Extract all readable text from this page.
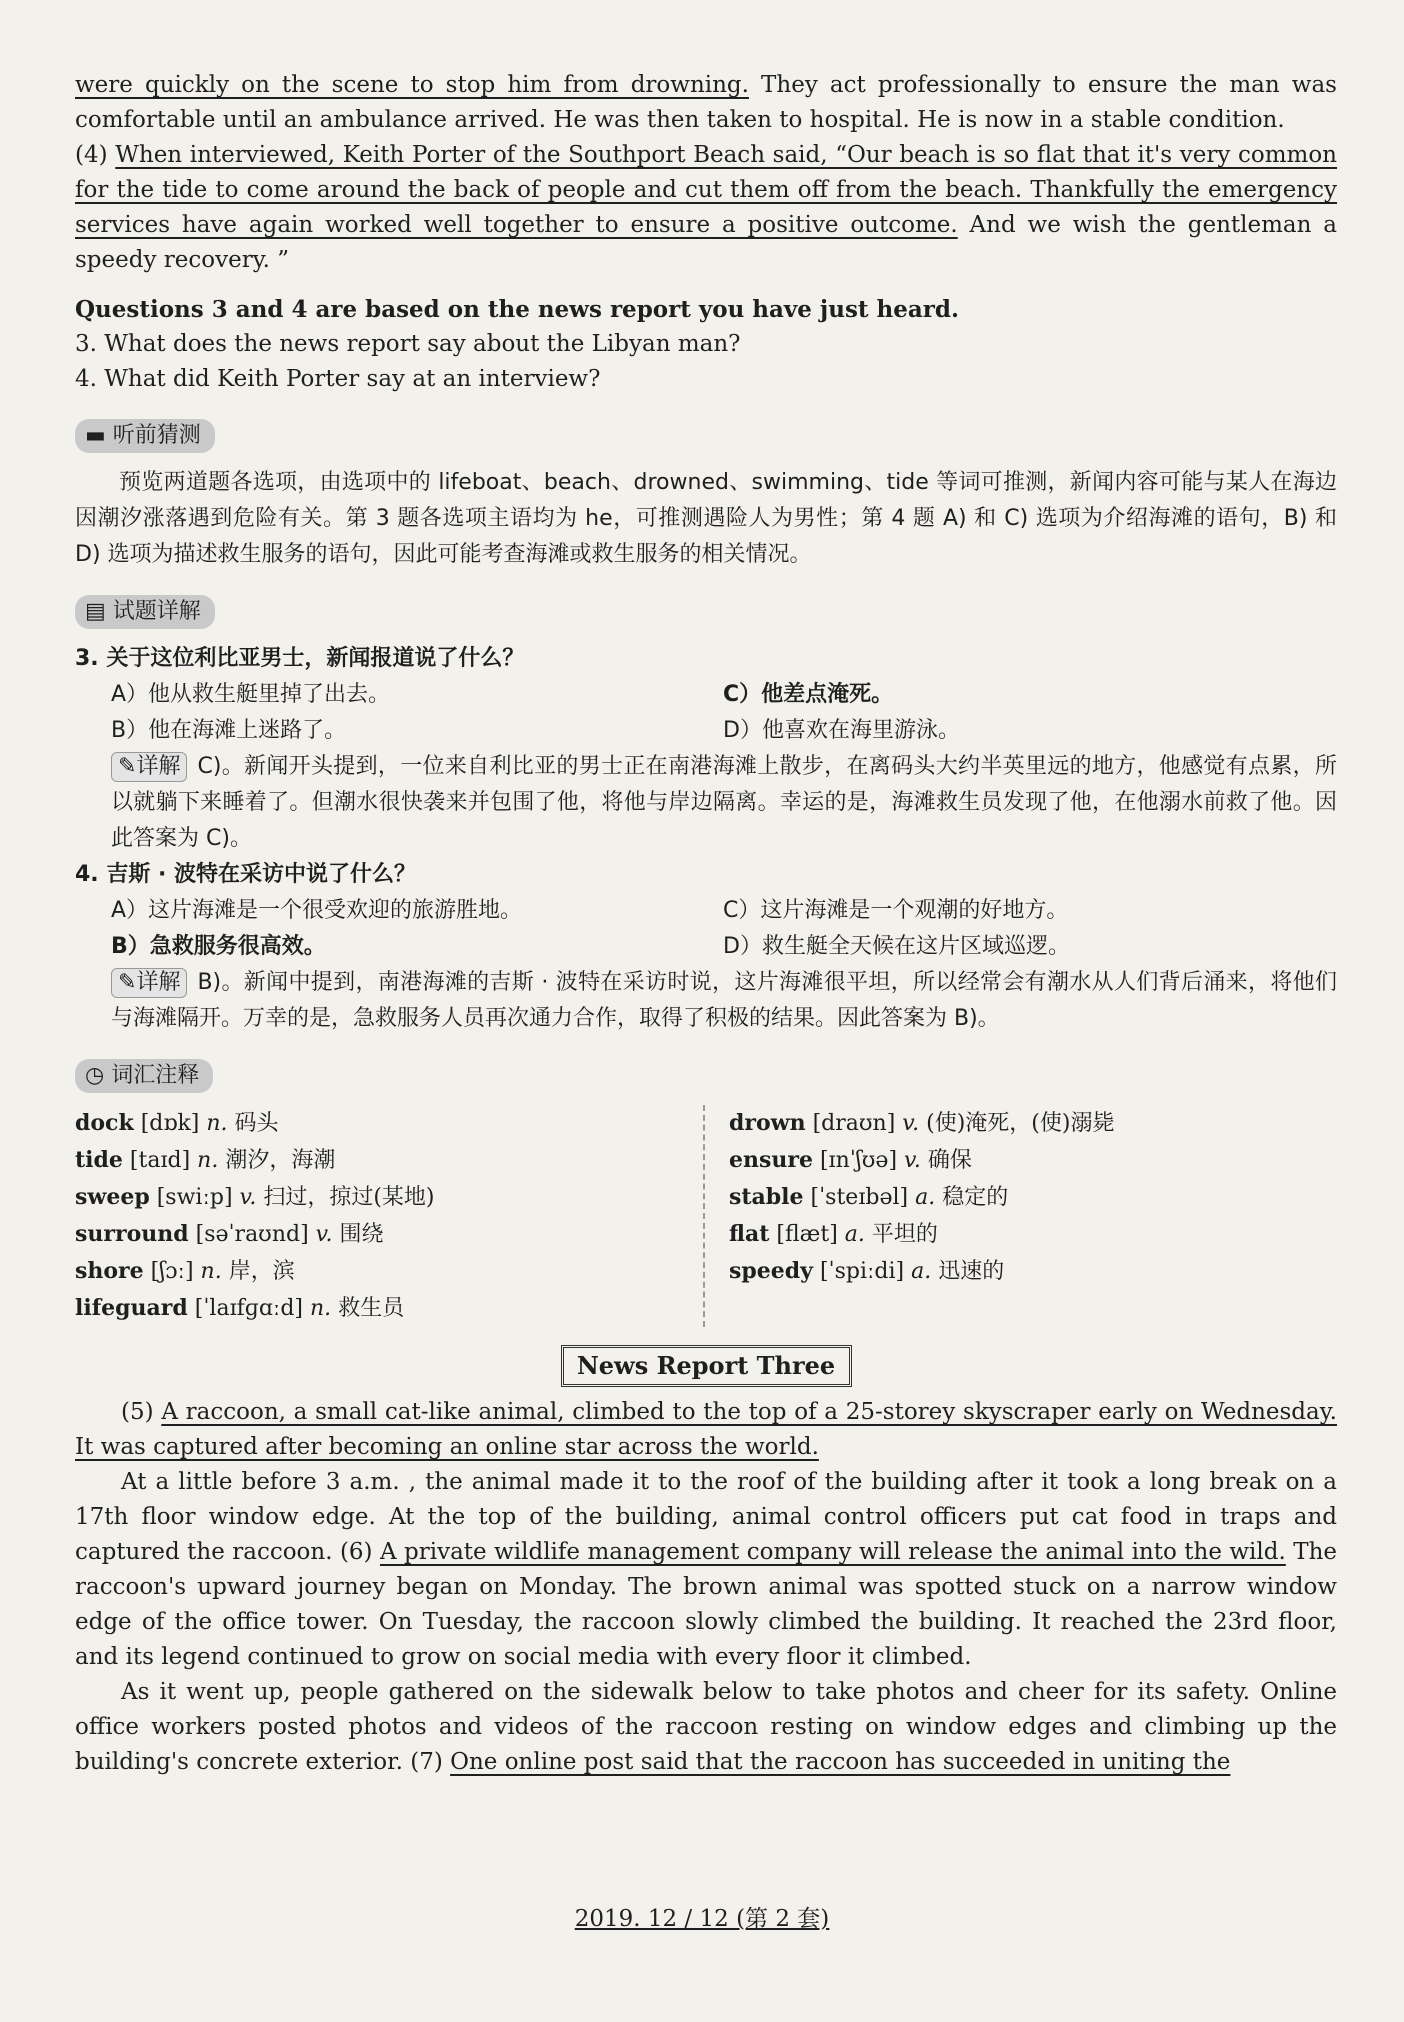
were quickly on the scene to stop him from drowning. They act professionally to ensure the man was comfortable until an ambulance arrived. He was then taken to hospital. He is now in a stable condition.

(4) When interviewed, Keith Porter of the Southport Beach said, “Our beach is so flat that it's very common for the tide to come around the back of people and cut them off from the beach. Thankfully the emergency services have again worked well together to ensure a positive outcome. And we wish the gentleman a speedy recovery. ”

Questions 3 and 4 are based on the news report you have just heard.

3. What does the news report say about the Libyan man?

4. What did Keith Porter say at an interview?

▬ 听前猜测

预览两道题各选项，由选项中的 lifeboat、beach、drowned、swimming、tide 等词可推测，新闻内容可能与某人在海边因潮汐涨落遇到危险有关。第 3 题各选项主语均为 he，可推测遇险人为男性；第 4 题 A) 和 C) 选项为介绍海滩的语句，B) 和 D) 选项为描述救生服务的语句，因此可能考查海滩或救生服务的相关情况。

▤ 试题详解

3. 关于这位利比亚男士，新闻报道说了什么？

A）他从救生艇里掉了出去。	C）他差点淹死。
B）他在海滩上迷路了。	D）他喜欢在海里游泳。

✎详解 C)。新闻开头提到，一位来自利比亚的男士正在南港海滩上散步，在离码头大约半英里远的地方，他感觉有点累，所以就躺下来睡着了。但潮水很快袭来并包围了他，将他与岸边隔离。幸运的是，海滩救生员发现了他，在他溺水前救了他。因此答案为 C)。

4. 吉斯 · 波特在采访中说了什么？

A）这片海滩是一个很受欢迎的旅游胜地。	C）这片海滩是一个观潮的好地方。
B）急救服务很高效。	D）救生艇全天候在这片区域巡逻。

✎详解 B)。新闻中提到，南港海滩的吉斯 · 波特在采访时说，这片海滩很平坦，所以经常会有潮水从人们背后涌来，将他们与海滩隔开。万幸的是，急救服务人员再次通力合作，取得了积极的结果。因此答案为 B)。

◷ 词汇注释
dock [dɒk] n. 码头
tide [taɪd] n. 潮汐，海潮
sweep [swiːp] v. 扫过，掠过(某地)
surround [səˈraʊnd] v. 围绕
shore [ʃɔː] n. 岸，滨
lifeguard [ˈlaɪfɡɑːd] n. 救生员
drown [draʊn] v. (使)淹死，(使)溺毙
ensure [ɪnˈʃʊə] v. 确保
stable [ˈsteɪbəl] a. 稳定的
flat [flæt] a. 平坦的
speedy [ˈspiːdi] a. 迅速的
News Report Three

(5) A raccoon, a small cat-like animal, climbed to the top of a 25-storey skyscraper early on Wednesday. It was captured after becoming an online star across the world.

At a little before 3 a.m. , the animal made it to the roof of the building after it took a long break on a 17th floor window edge. At the top of the building, animal control officers put cat food in traps and captured the raccoon. (6) A private wildlife management company will release the animal into the wild. The raccoon's upward journey began on Monday. The brown animal was spotted stuck on a narrow window edge of the office tower. On Tuesday, the raccoon slowly climbed the building. It reached the 23rd floor, and its legend continued to grow on social media with every floor it climbed.

As it went up, people gathered on the sidewalk below to take photos and cheer for its safety. Online office workers posted photos and videos of the raccoon resting on window edges and climbing up the building's concrete exterior. (7) One online post said that the raccoon has succeeded in uniting the

2019. 12 / 12 (第 2 套)
